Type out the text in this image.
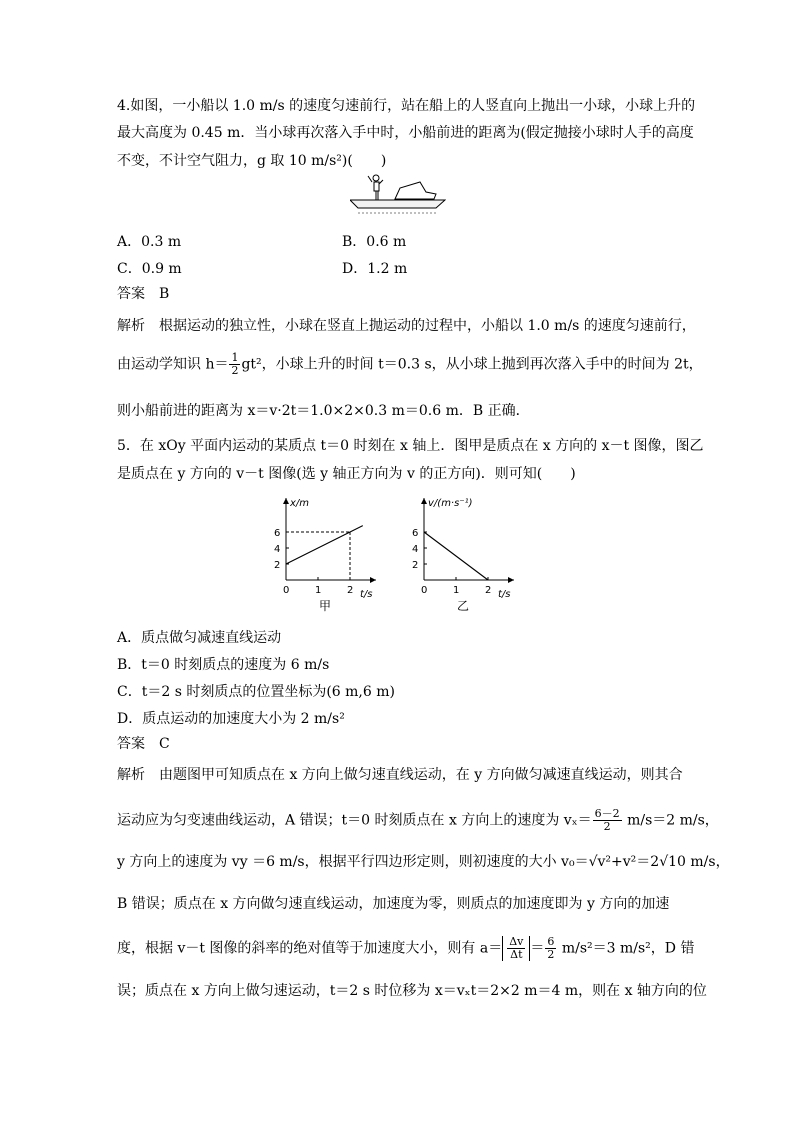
4.如图，一小船以 1.0 m/s 的速度匀速前行，站在船上的人竖直向上抛出一小球，小球上升的
最大高度为 0.45 m．当小球再次落入手中时，小船前进的距离为(假定抛接小球时人手的高度
不变，不计空气阻力，g 取 10 m/s²)(　　)
A．0.3 m	B．0.6 m
C．0.9 m	D．1.2 m
答案　B
解析　根据运动的独立性，小球在竖直上抛运动的过程中，小船以 1.0 m/s 的速度匀速前行，
由运动学知识 $h= \frac{1}{2} gt^2$，小球上升的时间 t＝0.3 s，从小球上抛到再次落入手中的时间为 2t，
则小船前进的距离为 x＝v·2t＝1.0×2×0.3 m＝0.6 m．B 正确．
5．在 xOy 平面内运动的某质点 t＝0 时刻在 x 轴上．图甲是质点在 x 方向的 x－t 图像，图乙
是质点在 y 方向的 v－t 图像(选 y 轴正方向为 v 的正方向)．则可知(　　)
x/m
t/s
0	1	2
2
4
6
甲
v/(m·s⁻¹)
t/s
0	1	2
2
4
6
乙
A．质点做匀减速直线运动
B．t＝0 时刻质点的速度为 6 m/s
C．t＝2 s 时刻质点的位置坐标为(6 m,6 m)
D．质点运动的加速度大小为 2 m/s²
答案　C
解析　由题图甲可知质点在 x 方向上做匀速直线运动，在 y 方向做匀减速直线运动，则其合
运动应为匀变速曲线运动，A 错误；t＝0 时刻质点在 x 方向上的速度为 $v_x= \frac{6-2}{2} m/s=2$ m/s，
y 方向上的速度为 vy ＝6 m/s，根据平行四边形定则，则初速度的大小 v₀＝√v²+v²＝2√10 m/s，
B 错误；质点在 x 方向做匀速直线运动，加速度为零，则质点的加速度即为 y 方向的加速
度，根据 v－t 图像的斜率的绝对值等于加速度大小，则有 $a= \frac{\Delta v}{\Delta t} = \frac{6}{2} m/s^2=3$ m/s²，D 错
误；质点在 x 方向上做匀速运动，t＝2 s 时位移为 x＝vₓt＝2×2 m＝4 m，则在 x 轴方向的位
